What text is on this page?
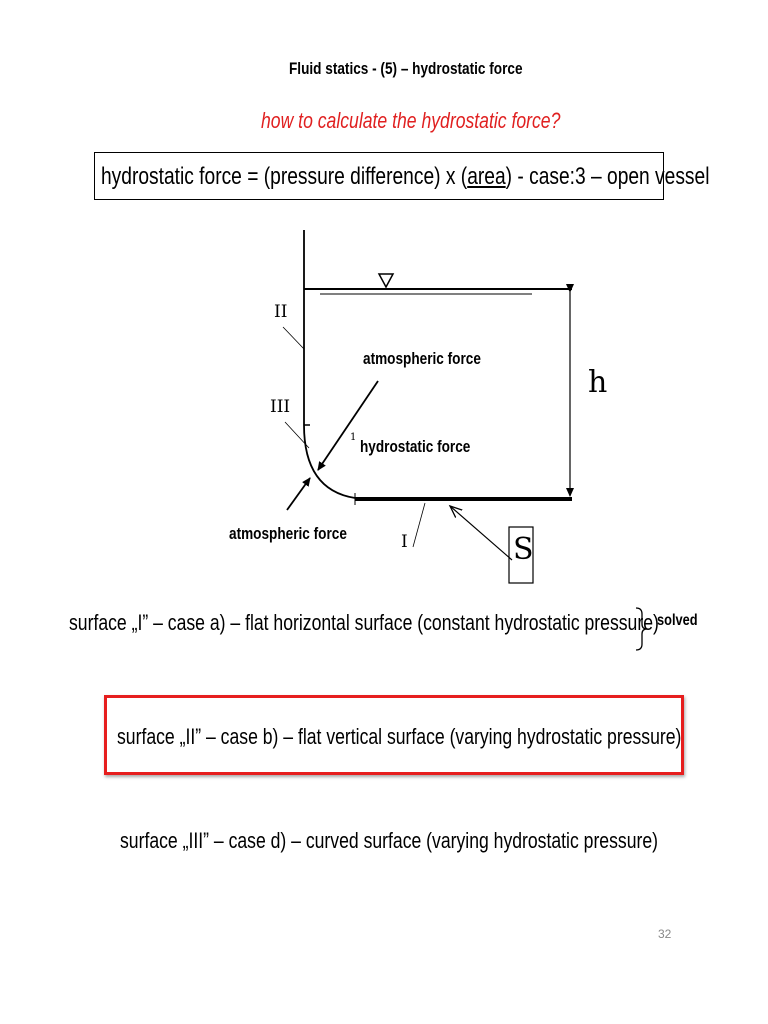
Fluid statics - (5) – hydrostatic force
how to calculate the hydrostatic force?
hydrostatic force = (pressure difference) x (area) - case:3 – open vessel
atmospheric force
hydrostatic force
atmospheric force
h
S
II
III
I
1
surface „I” – case a) – flat horizontal surface (constant hydrostatic pressure)
solved
surface „II” – case b) – flat vertical surface (varying hydrostatic pressure)
surface „III” – case d) – curved surface (varying hydrostatic pressure)
32
